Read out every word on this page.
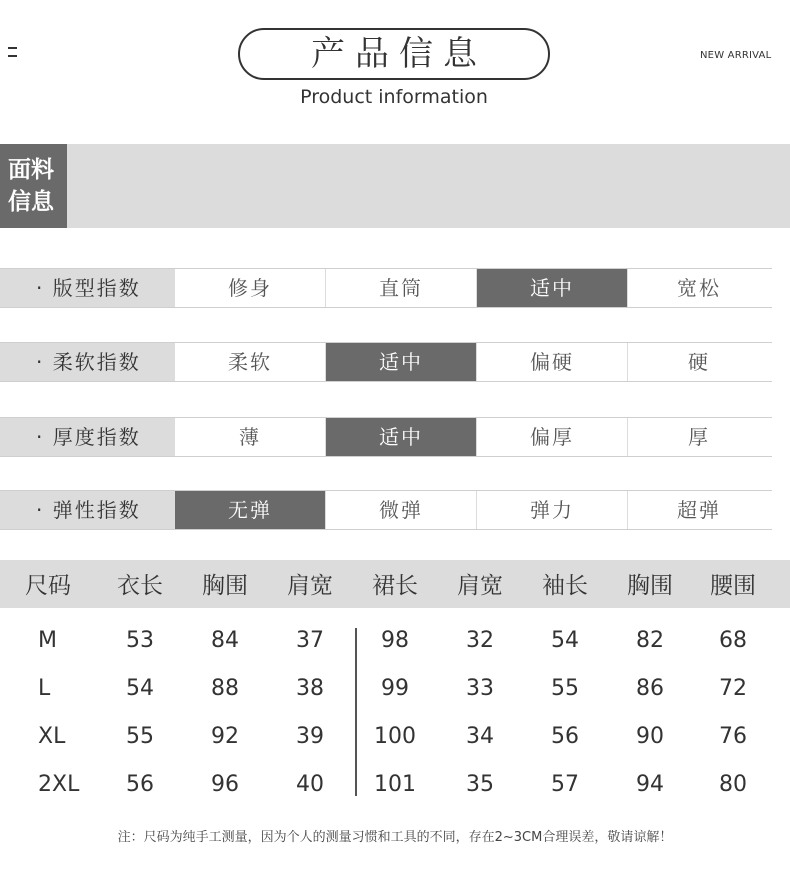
产品信息
Product information
NEW ARRIVAL
面料
信息
· 版型指数	修身	直筒	适中	宽松
· 柔软指数	柔软	适中	偏硬	硬
· 厚度指数	薄	适中	偏厚	厚
· 弹性指数	无弹	微弹	弹力	超弹
尺码	衣长	胸围	肩宽	裙长	肩宽	袖长	胸围	腰围
M	53	84	37	98	32	54	82	68
L	54	88	38	99	33	55	86	72
XL	55	92	39	100	34	56	90	76
2XL	56	96	40	101	35	57	94	80
注：尺码为纯手工测量，因为个人的测量习惯和工具的不同，存在2~3CM合理误差，敬请谅解！
